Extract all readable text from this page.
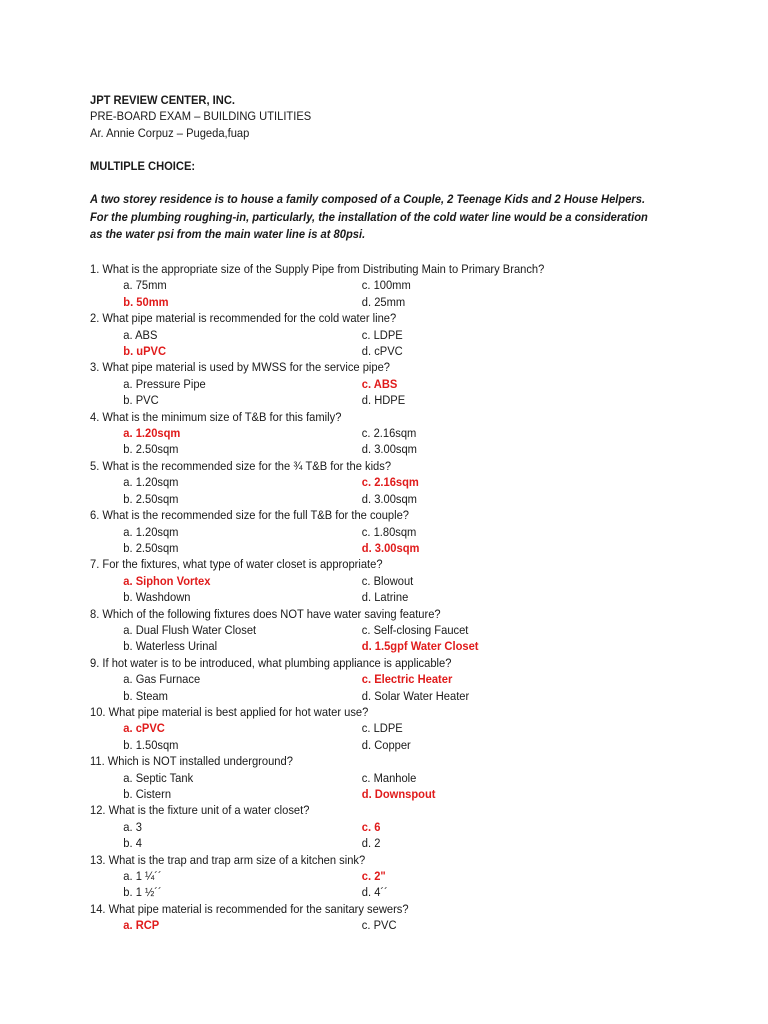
JPT REVIEW CENTER, INC.
PRE-BOARD EXAM – BUILDING UTILITIES
Ar. Annie Corpuz – Pugeda,fuap
MULTIPLE CHOICE:
A two storey residence is to house a family composed of a Couple, 2 Teenage Kids and 2 House Helpers. For the plumbing roughing-in, particularly, the installation of the cold water line would be a consideration as the water psi from the main water line is at 80psi.
1. What is the appropriate size of the Supply Pipe from Distributing Main to Primary Branch?
a. 75mm	c. 100mm
b. 50mm	d. 25mm
2. What pipe material is recommended for the cold water line?
a. ABS	c. LDPE
b. uPVC	d. cPVC
3. What pipe material is used by MWSS for the service pipe?
a. Pressure Pipe	c. ABS
b. PVC	d. HDPE
4. What is the minimum size of T&B for this family?
a. 1.20sqm	c. 2.16sqm
b. 2.50sqm	d. 3.00sqm
5. What is the recommended size for the ¾ T&B for the kids?
a. 1.20sqm	c. 2.16sqm
b. 2.50sqm	d. 3.00sqm
6. What is the recommended size for the full T&B for the couple?
a. 1.20sqm	c. 1.80sqm
b. 2.50sqm	d. 3.00sqm
7. For the fixtures, what type of water closet is appropriate?
a. Siphon Vortex	c. Blowout
b. Washdown	d. Latrine
8. Which of the following fixtures does NOT have water saving feature?
a. Dual Flush Water Closet	c. Self-closing Faucet
b. Waterless Urinal	d. 1.5gpf Water Closet
9. If hot water is to be introduced, what plumbing appliance is applicable?
a. Gas Furnace	c. Electric Heater
b. Steam	d. Solar Water Heater
10. What pipe material is best applied for hot water use?
a. cPVC	c. LDPE
b. 1.50sqm	d. Copper
11. Which is NOT installed underground?
a. Septic Tank	c. Manhole
b. Cistern	d. Downspout
12. What is the fixture unit of a water closet?
a. 3	c. 6
b. 4	d. 2
13. What is the trap and trap arm size of a kitchen sink?
a. 1 ¼´´	c. 2"
b. 1 ½´´	d. 4´´
14. What pipe material is recommended for the sanitary sewers?
a. RCP	c. PVC
